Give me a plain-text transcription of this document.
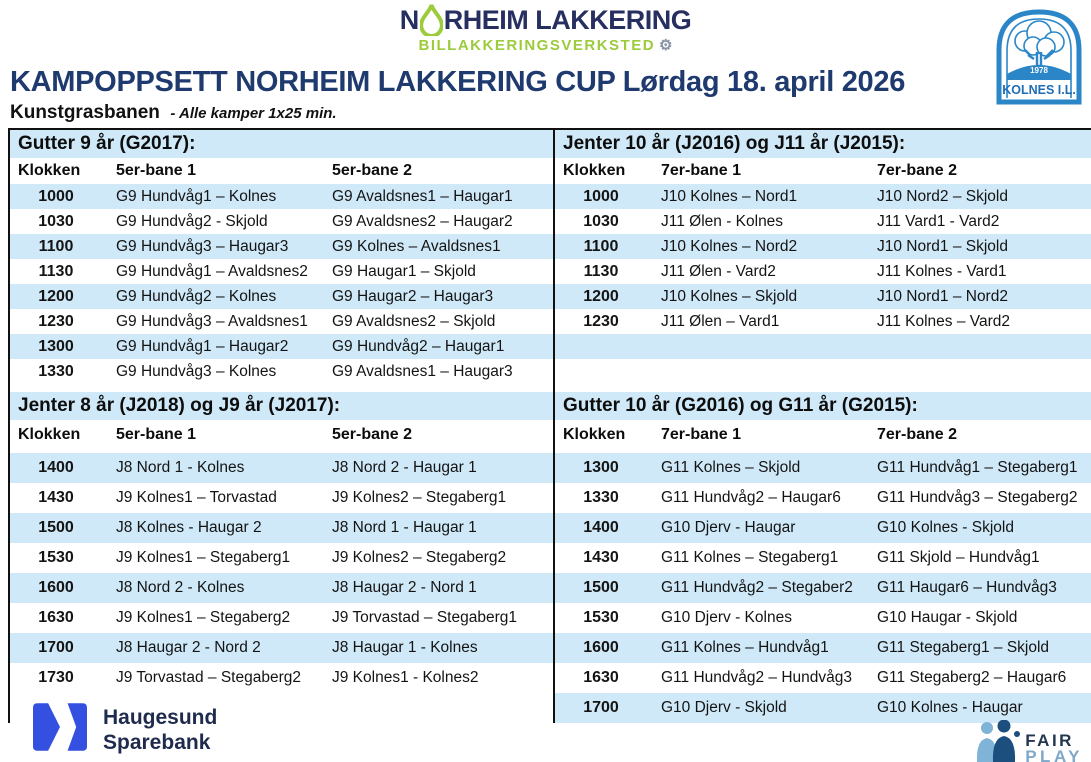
N RHEIM LAKKERING
BILLAKKERINGSVERKSTED ⚙
1978
KOLNES I.L.
KAMPOPPSETT NORHEIM LAKKERING CUP Lørdag 18. april 2026
Kunstgrasbanen - Alle kamper 1x25 min.
Gutter 9 år (G2017):
Klokken	5er-bane 1	5er-bane 2
1000	G9 Hundvåg1 – Kolnes	G9 Avaldsnes1 – Haugar1
1030	G9 Hundvåg2 - Skjold	G9 Avaldsnes2 – Haugar2
1100	G9 Hundvåg3 – Haugar3	G9 Kolnes – Avaldsnes1
1130	G9 Hundvåg1 – Avaldsnes2	G9 Haugar1 – Skjold
1200	G9 Hundvåg2 – Kolnes	G9 Haugar2 – Haugar3
1230	G9 Hundvåg3 – Avaldsnes1	G9 Avaldsnes2 – Skjold
1300	G9 Hundvåg1 – Haugar2	G9 Hundvåg2 – Haugar1
1330	G9 Hundvåg3 – Kolnes	G9 Avaldsnes1 – Haugar3
Jenter 10 år (J2016) og J11 år (J2015):
Klokken	7er-bane 1	7er-bane 2
1000	J10 Kolnes – Nord1	J10 Nord2 – Skjold
1030	J11 Ølen - Kolnes	J11 Vard1 - Vard2
1100	J10 Kolnes – Nord2	J10 Nord1 – Skjold
1130	J11 Ølen - Vard2	J11 Kolnes - Vard1
1200	J10 Kolnes – Skjold	J10 Nord1 – Nord2
1230	J11 Ølen – Vard1	J11 Kolnes – Vard2
Jenter 8 år (J2018) og J9 år (J2017):
Klokken	5er-bane 1	5er-bane 2
1400	J8 Nord 1 - Kolnes	J8 Nord 2 - Haugar 1
1430	J9 Kolnes1 – Torvastad	J9 Kolnes2 – Stegaberg1
1500	J8 Kolnes - Haugar 2	J8 Nord 1 - Haugar 1
1530	J9 Kolnes1 – Stegaberg1	J9 Kolnes2 – Stegaberg2
1600	J8 Nord 2 - Kolnes	J8 Haugar 2 - Nord 1
1630	J9 Kolnes1 – Stegaberg2	J9 Torvastad – Stegaberg1
1700	J8 Haugar 2 - Nord 2	J8 Haugar 1 - Kolnes
1730	J9 Torvastad – Stegaberg2	J9 Kolnes1 - Kolnes2
Gutter 10 år (G2016) og G11 år (G2015):
Klokken	7er-bane 1	7er-bane 2
1300	G11 Kolnes – Skjold	G11 Hundvåg1 – Stegaberg1
1330	G11 Hundvåg2 – Haugar6	G11 Hundvåg3 – Stegaberg2
1400	G10 Djerv - Haugar	G10 Kolnes - Skjold
1430	G11 Kolnes – Stegaberg1	G11 Skjold – Hundvåg1
1500	G11 Hundvåg2 – Stegaber2	G11 Haugar6 – Hundvåg3
1530	G10 Djerv - Kolnes	G10 Haugar - Skjold
1600	G11 Kolnes – Hundvåg1	G11 Stegaberg1 – Skjold
1630	G11 Hundvåg2 – Hundvåg3	G11 Stegaberg2 – Haugar6
1700	G10 Djerv - Skjold	G10 Kolnes - Haugar
Haugesund
Sparebank	FAIR
PLAY
